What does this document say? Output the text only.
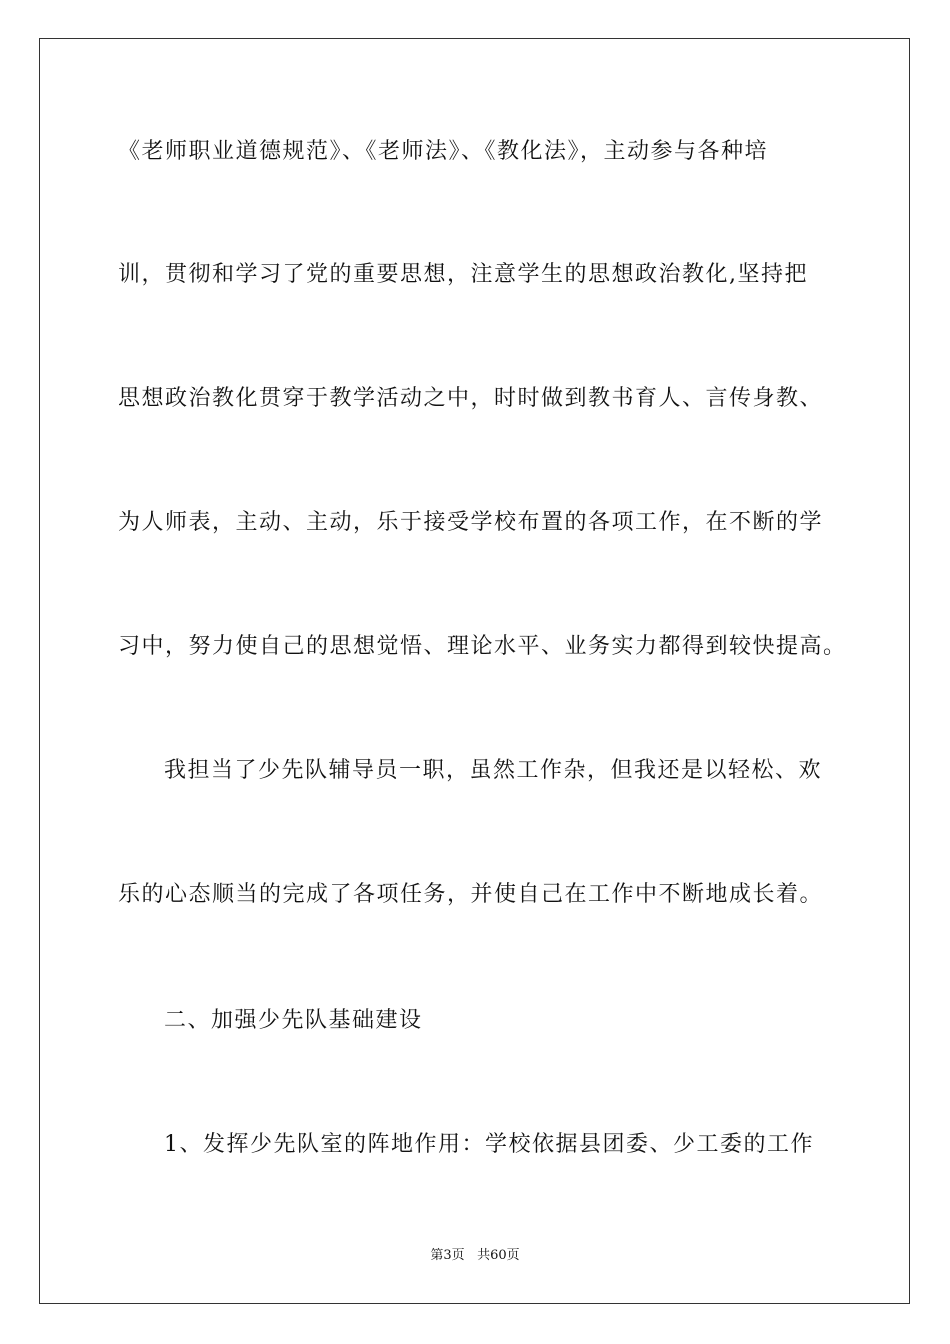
《老师职业道德规范》、《老师法》、《教化法》，主动参与各种培
训，贯彻和学习了党的重要思想，注意学生的思想政治教化,坚持把
思想政治教化贯穿于教学活动之中，时时做到教书育人、言传身教、
为人师表，主动、主动，乐于接受学校布置的各项工作，在不断的学
习中，努力使自己的思想觉悟、理论水平、业务实力都得到较快提高。
我担当了少先队辅导员一职，虽然工作杂，但我还是以轻松、欢
乐的心态顺当的完成了各项任务，并使自己在工作中不断地成长着。
二、加强少先队基础建设
1、发挥少先队室的阵地作用：学校依据县团委、少工委的工作
第3页 共60页
